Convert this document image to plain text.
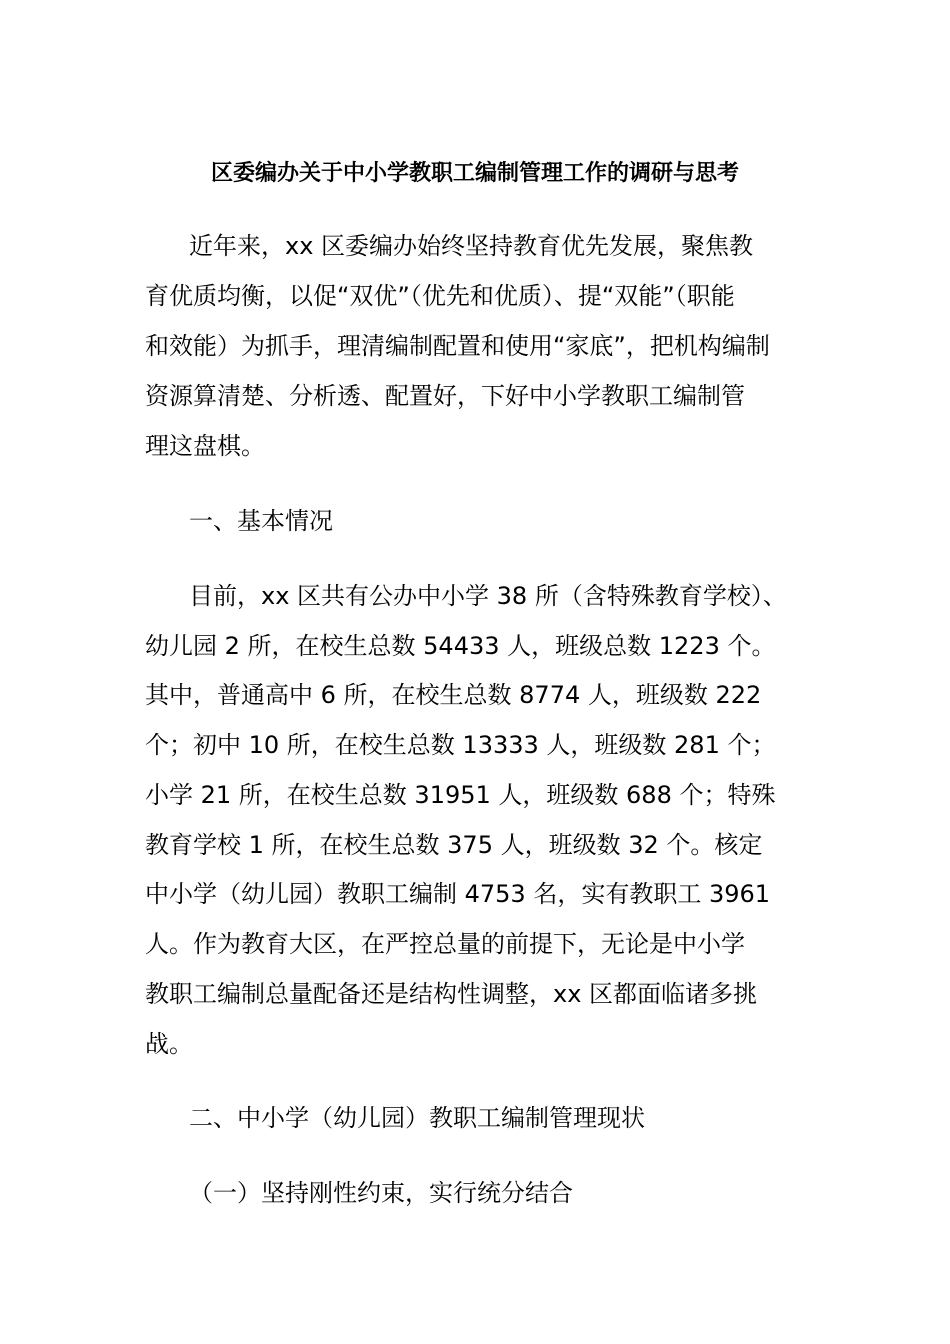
区委编办关于中小学教职工编制管理工作的调研与思考
近年来，xx 区委编办始终坚持教育优先发展，聚焦教
育优质均衡，以促“双优”（优先和优质）、提“双能”（职能
和效能）为抓手，理清编制配置和使用“家底”，把机构编制
资源算清楚、分析透、配置好，下好中小学教职工编制管
理这盘棋。
一、基本情况
目前，xx 区共有公办中小学 38 所（含特殊教育学校）、
幼儿园 2 所，在校生总数 54433 人，班级总数 1223 个。
其中，普通高中 6 所，在校生总数 8774 人，班级数 222
个；初中 10 所，在校生总数 13333 人，班级数 281 个；
小学 21 所，在校生总数 31951 人，班级数 688 个；特殊
教育学校 1 所，在校生总数 375 人，班级数 32 个。核定
中小学（幼儿园）教职工编制 4753 名，实有教职工 3961
人。作为教育大区，在严控总量的前提下，无论是中小学
教职工编制总量配备还是结构性调整，xx 区都面临诸多挑
战。
二、中小学（幼儿园）教职工编制管理现状
（一）坚持刚性约束，实行统分结合
